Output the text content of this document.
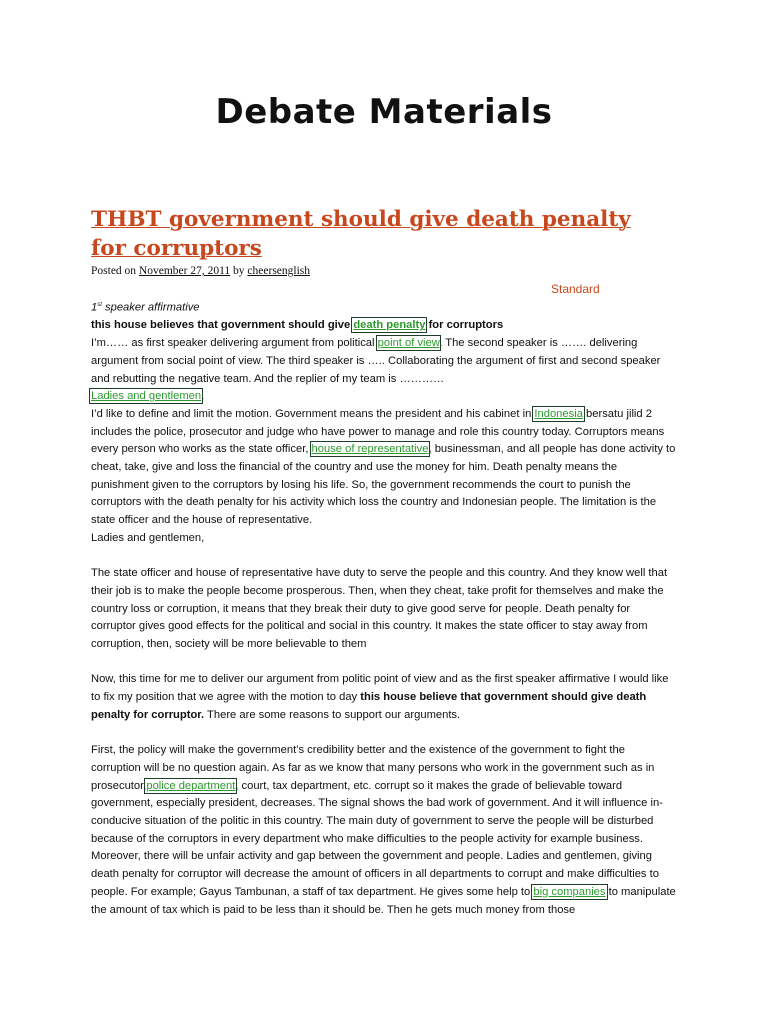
Debate Materials
THBT government should give death penalty for corruptors
Posted on November 27, 2011 by cheersenglish
Standard

1st speaker affirmative

this house believes that government should give death penalty for corruptors

I’m…… as first speaker delivering argument from political point of view. The second speaker is ……. delivering argument from social point of view. The third speaker is ….. Collaborating the argument of first and second speaker and rebutting the negative team. And the replier of my team is …………

Ladies and gentlemen,

I’d like to define and limit the motion. Government means the president and his cabinet in Indonesia bersatu jilid 2 includes the police, prosecutor and judge who have power to manage and role this country today. Corruptors means every person who works as the state officer, house of representative, businessman, and all people has done activity to cheat, take, give and loss the financial of the country and use the money for him. Death penalty means the punishment given to the corruptors by losing his life. So, the government recommends the court to punish the corruptors with the death penalty for his activity which loss the country and Indonesian people. The limitation is the state officer and the house of representative.

Ladies and gentlemen,

The state officer and house of representative have duty to serve the people and this country. And they know well that their job is to make the people become prosperous. Then, when they cheat, take profit for themselves and make the country loss or corruption, it means that they break their duty to give good serve for people. Death penalty for corruptor gives good effects for the political and social in this country. It makes the state officer to stay away from corruption, then, society will be more believable to them

Now, this time for me to deliver our argument from politic point of view and as the first speaker affirmative I would like to fix my position that we agree with the motion to day this house believe that government should give death penalty for corruptor. There are some reasons to support our arguments.

First, the policy will make the government’s credibility better and the existence of the government to fight the corruption will be no question again. As far as we know that many persons who work in the government such as in prosecutor,police department, court, tax department, etc. corrupt so it makes the grade of believable toward government, especially president, decreases. The signal shows the bad work of government. And it will influence in-conducive situation of the politic in this country. The main duty of government to serve the people will be disturbed because of the corruptors in every department who make difficulties to the people activity for example business. Moreover, there will be unfair activity and gap between the government and people. Ladies and gentlemen, giving death penalty for corruptor will decrease the amount of officers in all departments to corrupt and make difficulties to people. For example; Gayus Tambunan, a staff of tax department. He gives some help to big companies to manipulate the amount of tax which is paid to be less than it should be. Then he gets much money from those
